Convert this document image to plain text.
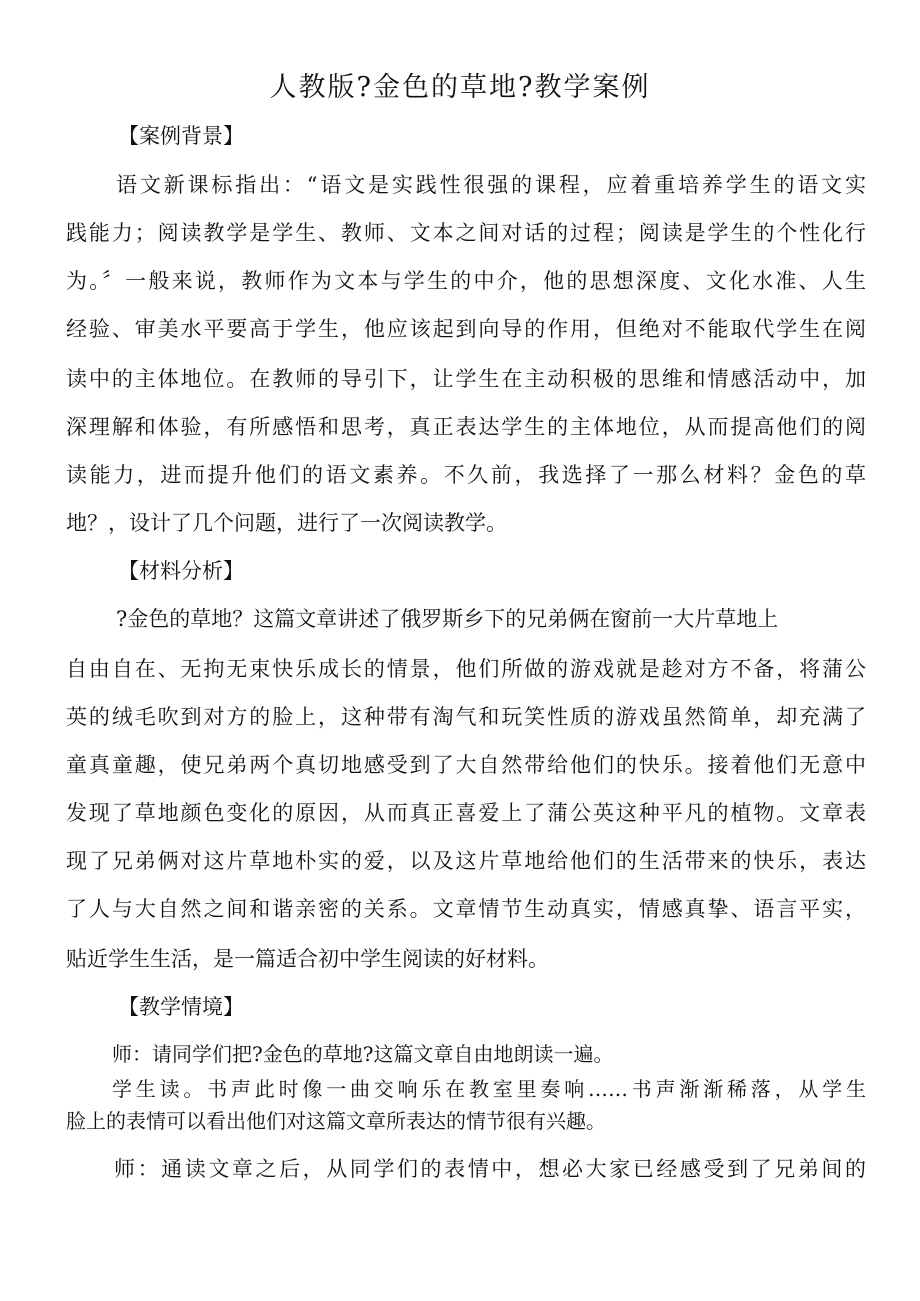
人教版?金色的草地?教学案例
【案例背景】
语文新课标指出：“语文是实践性很强的课程，应着重培养学生的语文实
践能力；阅读教学是学生、教师、文本之间对话的过程；阅读是学生的个性化行
为。〞一般来说，教师作为文本与学生的中介，他的思想深度、文化水准、人生
经验、审美水平要高于学生，他应该起到向导的作用，但绝对不能取代学生在阅
读中的主体地位。在教师的导引下，让学生在主动积极的思维和情感活动中，加
深理解和体验，有所感悟和思考，真正表达学生的主体地位，从而提高他们的阅
读能力，进而提升他们的语文素养。不久前，我选择了一那么材料？金色的草
地？，设计了几个问题，进行了一次阅读教学。
【材料分析】
?金色的草地？这篇文章讲述了俄罗斯乡下的兄弟俩在窗前一大片草地上
自由自在、无拘无束快乐成长的情景，他们所做的游戏就是趁对方不备，将蒲公
英的绒毛吹到对方的脸上，这种带有淘气和玩笑性质的游戏虽然简单，却充满了
童真童趣，使兄弟两个真切地感受到了大自然带给他们的快乐。接着他们无意中
发现了草地颜色变化的原因，从而真正喜爱上了蒲公英这种平凡的植物。文章表
现了兄弟俩对这片草地朴实的爱，以及这片草地给他们的生活带来的快乐，表达
了人与大自然之间和谐亲密的关系。文章情节生动真实，情感真挚、语言平实，
贴近学生生活，是一篇适合初中学生阅读的好材料。
【教学情境】
师：请同学们把?金色的草地?这篇文章自由地朗读一遍。
学生读。书声此时像一曲交响乐在教室里奏响……书声渐渐稀落，从学生
脸上的表情可以看出他们对这篇文章所表达的情节很有兴趣。
师：通读文章之后，从同学们的表情中，想必大家已经感受到了兄弟间的
